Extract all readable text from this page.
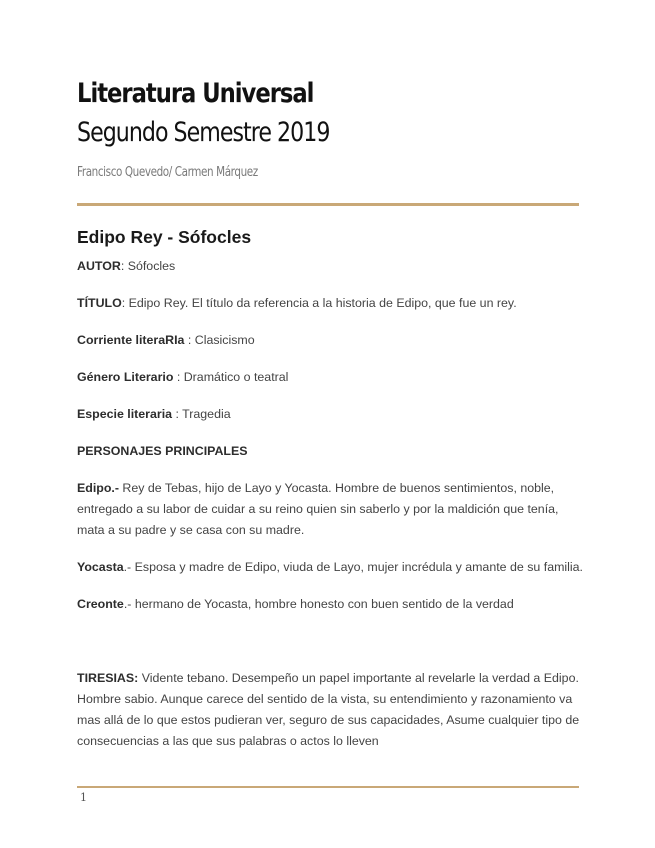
Literatura Universal
Segundo Semestre 2019

Francisco Quevedo/ Carmen Márquez

Edipo Rey - Sófocles

AUTOR: Sófocles

TÍTULO: Edipo Rey. El título da referencia a la historia de Edipo, que fue un rey.

Corriente literaRIa : Clasicismo

Género Literario : Dramático o teatral

Especie literaria : Tragedia

PERSONAJES PRINCIPALES

Edipo.- Rey de Tebas, hijo de Layo y Yocasta. Hombre de buenos sentimientos, noble,

entregado a su labor de cuidar a su reino quien sin saberlo y por la maldición que tenía,

mata a su padre y se casa con su madre.

Yocasta.- Esposa y madre de Edipo, viuda de Layo, mujer incrédula y amante de su familia.

Creonte.- hermano de Yocasta, hombre honesto con buen sentido de la verdad

TIRESIAS: Vidente tebano. Desempeño un papel importante al revelarle la verdad a Edipo.

Hombre sabio. Aunque carece del sentido de la vista, su entendimiento y razonamiento va

mas allá de lo que estos pudieran ver, seguro de sus capacidades, Asume cualquier tipo de

consecuencias a las que sus palabras o actos lo lleven

1
